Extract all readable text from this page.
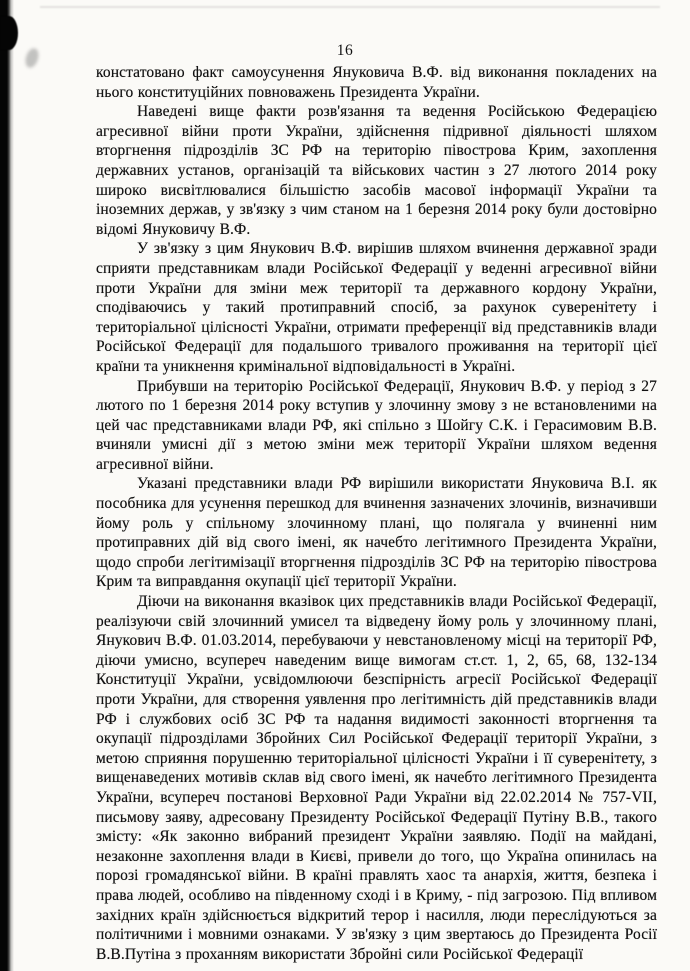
16

констатовано факт самоусунення Януковича В.Ф. від виконання покладених на нього конституційних повноважень Президента України.

Наведені вище факти розв'язання та ведення Російською Федерацією агресивної війни проти України, здійснення підривної діяльності шляхом вторгнення підрозділів ЗС РФ на територію півострова Крим, захоплення державних установ, організацій та військових частин з 27 лютого 2014 року широко висвітлювалися більшістю засобів масової інформації України та іноземних держав, у зв'язку з чим станом на 1 березня 2014 року були достовірно відомі Януковичу В.Ф.

У зв'язку з цим Янукович В.Ф. вирішив шляхом вчинення державної зради сприяти представникам влади Російської Федерації у веденні агресивної війни проти України для зміни меж території та державного кордону України, сподіваючись у такий протиправний спосіб, за рахунок суверенітету і територіальної цілісності України, отримати преференції від представників влади Російської Федерації для подальшого тривалого проживання на території цієї країни та уникнення кримінальної відповідальності в Україні.

Прибувши на територію Російської Федерації, Янукович В.Ф. у період з 27 лютого по 1 березня 2014 року вступив у злочинну змову з не встановленими на цей час представниками влади РФ, які спільно з Шойгу С.К. і Герасимовим В.В. вчиняли умисні дії з метою зміни меж території України шляхом ведення агресивної війни.

Указані представники влади РФ вирішили використати Януковича В.І. як пособника для усунення перешкод для вчинення зазначених злочинів, визначивши йому роль у спільному злочинному плані, що полягала у вчиненні ним протиправних дій від свого імені, як начебто легітимного Президента України, щодо спроби легітимізації вторгнення підрозділів ЗС РФ на територію півострова Крим та виправдання окупації цієї території України.

Діючи на виконання вказівок цих представників влади Російської Федерації, реалізуючи свій злочинний умисел та відведену йому роль у злочинному плані, Янукович В.Ф. 01.03.2014, перебуваючи у невстановленому місці на території РФ, діючи умисно, всупереч наведеним вище вимогам ст.ст. 1, 2, 65, 68, 132-134 Конституції України, усвідомлюючи безспірність агресії Російської Федерації проти України, для створення уявлення про легітимність дій представників влади РФ і службових осіб ЗС РФ та надання видимості законності вторгнення та окупації підрозділами Збройних Сил Російської Федерації території України, з метою сприяння порушенню територіальної цілісності України і її суверенітету, з вищенаведених мотивів склав від свого імені, як начебто легітимного Президента України, всупереч постанові Верховної Ради України від 22.02.2014 № 757-VII, письмову заяву, адресовану Президенту Російської Федерації Путіну В.В., такого змісту: «Як законно вибраний президент України заявляю. Події на майдані, незаконне захоплення влади в Києві, привели до того, що Україна опинилась на порозі громадянської війни. В країні правлять хаос та анархія, життя, безпека і права людей, особливо на південному сході і в Криму, - під загрозою. Під впливом західних країн здійснюється відкритий терор і насилля, люди переслідуються за політичними і мовними ознаками. У зв'язку з цим звертаюсь до Президента Росії В.В.Путіна з проханням використати Збройні сили Російської Федерації
